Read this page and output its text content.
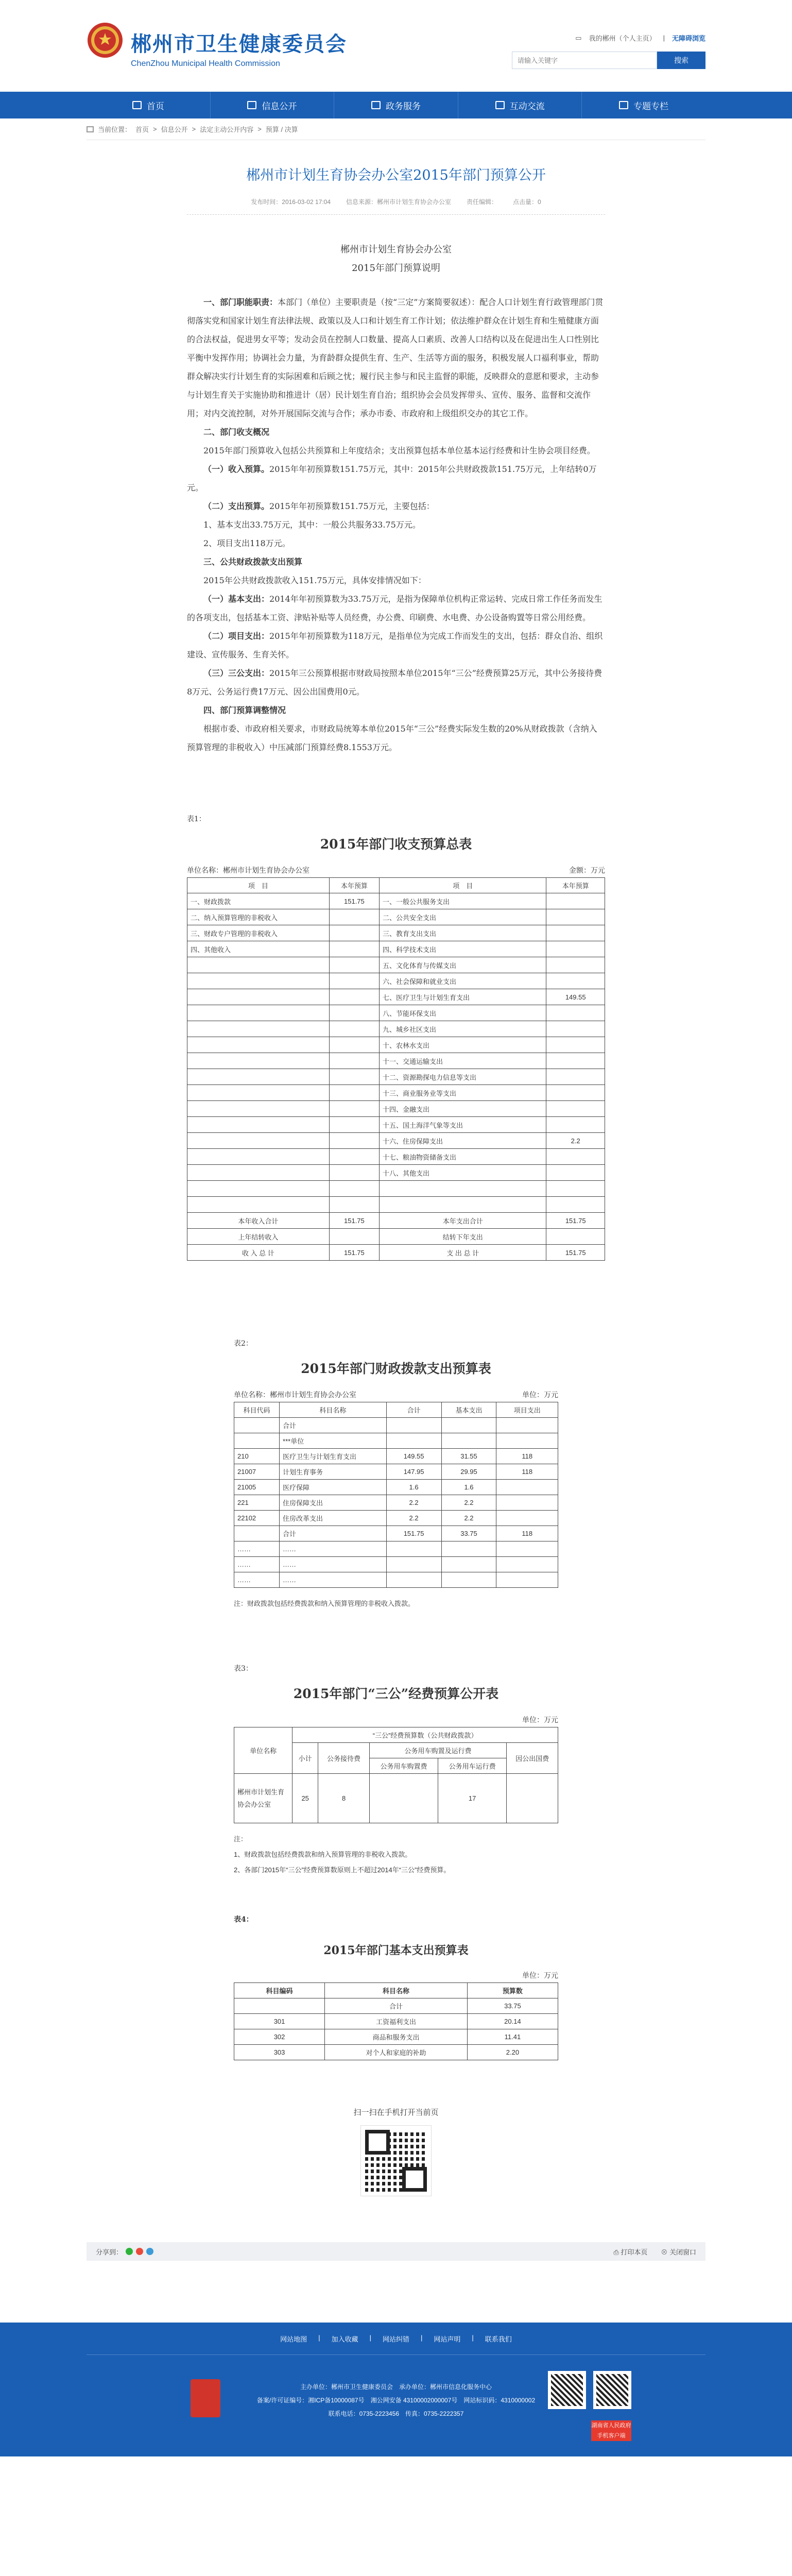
郴州市卫生健康委员会
ChenZhou Municipal Health Commission
▭ 我的郴州（个人主页） | 无障碍浏览
请输入关键字
搜索
首页	信息公开	政务服务	互动交流	专题专栏
当前位置： 首页 > 信息公开 > 法定主动公开内容 > 预算 / 决算
郴州市计划生育协会办公室2015年部门预算公开
发布时间：2016-03-02 17:04	信息来源：郴州市计划生育协会办公室	责任编辑：	点击量：0
郴州市计划生育协会办公室
2015年部门预算说明

一、部门职能职责：本部门（单位）主要职责是（按“三定”方案简要叙述）：配合人口计划生育行政管理部门贯彻落实党和国家计划生育法律法规、政策以及人口和计划生育工作计划；依法维护群众在计划生育和生殖健康方面的合法权益，促进男女平等；发动会员在控制人口数量、提高人口素质、改善人口结构以及在促进出生人口性别比平衡中发挥作用；协调社会力量，为育龄群众提供生育、生产、生活等方面的服务，积极发展人口福利事业，帮助群众解决实行计划生育的实际困难和后顾之忧；履行民主参与和民主监督的职能，反映群众的意愿和要求，主动参与计划生育关于实施协助和推进计（居）民计划生育自治；组织协会会员发挥带头、宣传、服务、监督和交流作用；对内交流控制，对外开展国际交流与合作；承办市委、市政府和上级组织交办的其它工作。

二、部门收支概况

2015年部门预算收入包括公共预算和上年度结余；支出预算包括本单位基本运行经费和计生协会项目经费。

（一）收入预算。2015年年初预算数151.75万元，其中：2015年公共财政拨款151.75万元，上年结转0万元。

（二）支出预算。2015年年初预算数151.75万元，主要包括：

1、基本支出33.75万元，其中：一般公共服务33.75万元。

2、项目支出118万元。

三、公共财政拨款支出预算

2015年公共财政拨款收入151.75万元，具体安排情况如下：

（一）基本支出：2014年年初预算数为33.75万元，是指为保障单位机构正常运转、完成日常工作任务而发生的各项支出，包括基本工资、津贴补贴等人员经费，办公费、印刷费、水电费、办公设备购置等日常公用经费。

（二）项目支出：2015年年初预算数为118万元，是指单位为完成工作而发生的支出，包括：群众自治、组织建设、宣传服务、生育关怀。

（三）三公支出：2015年三公预算根据市财政局按照本单位2015年“三公”经费预算25万元，其中公务接待费8万元、公务运行费17万元、因公出国费用0元。

四、部门预算调整情况

根据市委、市政府相关要求，市财政局统筹本单位2015年“三公”经费实际发生数的20%从财政拨款（含纳入预算管理的非税收入）中压减部门预算经费8.1553万元。

表1：
2015年部门收支预算总表
单位名称：郴州市计划生育协会办公室	金额：万元
项　目	本年预算	项　目	本年预算
一、财政拨款	151.75	一、一般公共服务支出	
二、纳入预算管理的非税收入		二、公共安全支出	
三、财政专户管理的非税收入		三、教育支出支出	
四、其他收入		四、科学技术支出	
		五、文化体育与传媒支出	
		六、社会保障和就业支出	
		七、医疗卫生与计划生育支出	149.55
		八、节能环保支出	
		九、城乡社区支出	
		十、农林水支出	
		十一、交通运输支出	
		十二、资源勘探电力信息等支出	
		十三、商业服务业等支出	
		十四、金融支出	
		十五、国土海洋气象等支出	
		十六、住房保障支出	2.2
		十七、粮油物资储备支出	
		十八、其他支出	

本年收入合计	151.75	本年支出合计	151.75
上年结转收入		结转下年支出	
收 入 总 计	151.75	支 出 总 计	151.75
表2：
2015年部门财政拨款支出预算表
单位名称：郴州市计划生育协会办公室	单位：万元
科目代码	科目名称	合计	基本支出	项目支出
	合计			
	***单位			
210	医疗卫生与计划生育支出	149.55	31.55	118
21007	计划生育事务	147.95	29.95	118
21005	医疗保障	1.6	1.6	
221	住房保障支出	2.2	2.2	
22102	住房改革支出	2.2	2.2	
	合计	151.75	33.75	118
……	……			
……	……			
……	……			
注：财政拨款包括经费拨款和纳入预算管理的非税收入拨款。
表3：
2015年部门“三公”经费预算公开表
单位：万元
单位名称	“三公”经费预算数（公共财政拨款）				
	小计	公务接待费	公务用车购置及运行费		因公出国费
			公务用车购置费	公务用车运行费	
郴州市计划生育协会办公室	25	8		17	
注：
1、财政拨款包括经费拨款和纳入预算管理的非税收入拨款。
2、各部门2015年“三公”经费预算数原则上不超过2014年“三公”经费预算。
表4：
2015年部门基本支出预算表
单位：万元
科目编码	科目名称	预算数
	合计	33.75
301	工资福利支出	20.14
302	商品和服务支出	11.41
303	对个人和家庭的补助	2.20
扫一扫在手机打开当前页
分享到：	⎙ 打印本页 ⊗ 关闭窗口
网站地图 | 加入收藏 | 网站纠错 | 网站声明 | 联系我们
主办单位：郴州市卫生健康委员会　承办单位：郴州市信息化服务中心
备案/许可证编号：湘ICP备10000087号　湘公网安备 43100002000007号　网站标识码：4310000002
联系电话：0735-2223456　传真：0735-2222357
湖南省人民政府
手机客户端
